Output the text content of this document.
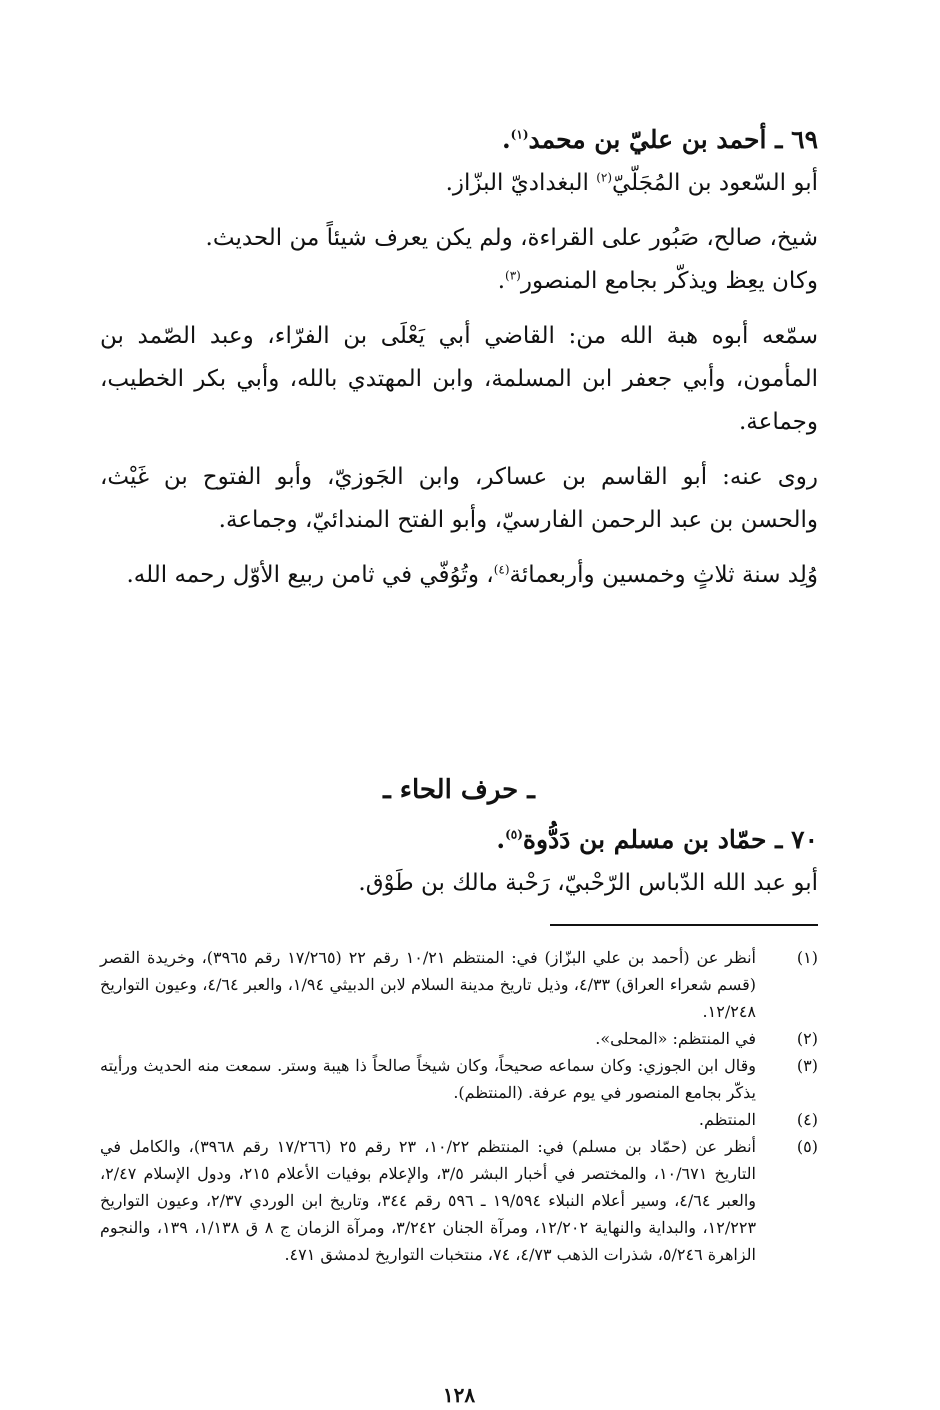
٦٩ ـ أحمد بن عليّ بن محمد$^{(١)}$.

أبو السّعود بن المُجَلّيّ$^{(٢)}$ البغداديّ البزّاز.

شيخ، صالح، صَبُور على القراءة، ولم يكن يعرف شيئاً من الحديث.
وكان يعِظ ويذكّر بجامع المنصور$^{(٣)}$.

سمّعه أبوه هبة الله من: القاضي أبي يَعْلَى بن الفرّاء، وعبد الصّمد بن المأمون، وأبي جعفر ابن المسلمة، وابن المهتدي بالله، وأبي بكر الخطيب، وجماعة.

روى عنه: أبو القاسم بن عساكر، وابن الجَوزيّ، وأبو الفتوح بن غَيْث، والحسن بن عبد الرحمن الفارسيّ، وأبو الفتح المندائيّ، وجماعة.

وُلِد سنة ثلاثٍ وخمسين وأربعمائة$^{(٤)}$، وتُوُفّي في ثامن ربيع الأوّل رحمه الله.

ـ حرف الحاء ـ

٧٠ ـ حمّاد بن مسلم بن دَدُّوة$^{(٥)}$.

أبو عبد الله الدّباس الرّحْبيّ، رَحْبة مالك بن طَوْق.

(١)
أنظر عن (أحمد بن علي البزّاز) في: المنتظم ١٠/٢١ رقم ٢٢ (١٧/٢٦٥ رقم ٣٩٦٥)، وخريدة القصر (قسم شعراء العراق) ٤/٣٣، وذيل تاريخ مدينة السلام لابن الدبيثي ١/٩٤، والعبر ٤/٦٤، وعيون التواريخ ١٢/٢٤٨.
(٢)
في المنتظم: «المحلى».
(٣)
وقال ابن الجوزي: وكان سماعه صحيحاً، وكان شيخاً صالحاً ذا هيبة وستر. سمعت منه الحديث ورأيته يذكّر بجامع المنصور في يوم عرفة. (المنتظم).
(٤)
المنتظم.
(٥)
أنظر عن (حمّاد بن مسلم) في: المنتظم ١٠/٢٢، ٢٣ رقم ٢٥ (١٧/٢٦٦ رقم ٣٩٦٨)، والكامل في التاريخ ١٠/٦٧١، والمختصر في أخبار البشر ٣/٥، والإعلام بوفيات الأعلام ٢١٥، ودول الإسلام ٢/٤٧، والعبر ٤/٦٤، وسير أعلام النبلاء ١٩/٥٩٤ ـ ٥٩٦ رقم ٣٤٤، وتاريخ ابن الوردي ٢/٣٧، وعيون التواريخ ١٢/٢٢٣، والبداية والنهاية ١٢/٢٠٢، ومرآة الجنان ٣/٢٤٢، ومرآة الزمان ج ٨ ق ١/١٣٨، ١٣٩، والنجوم الزاهرة ٥/٢٤٦، شذرات الذهب ٤/٧٣، ٧٤، منتخبات التواريخ لدمشق ٤٧١.
١٢٨
